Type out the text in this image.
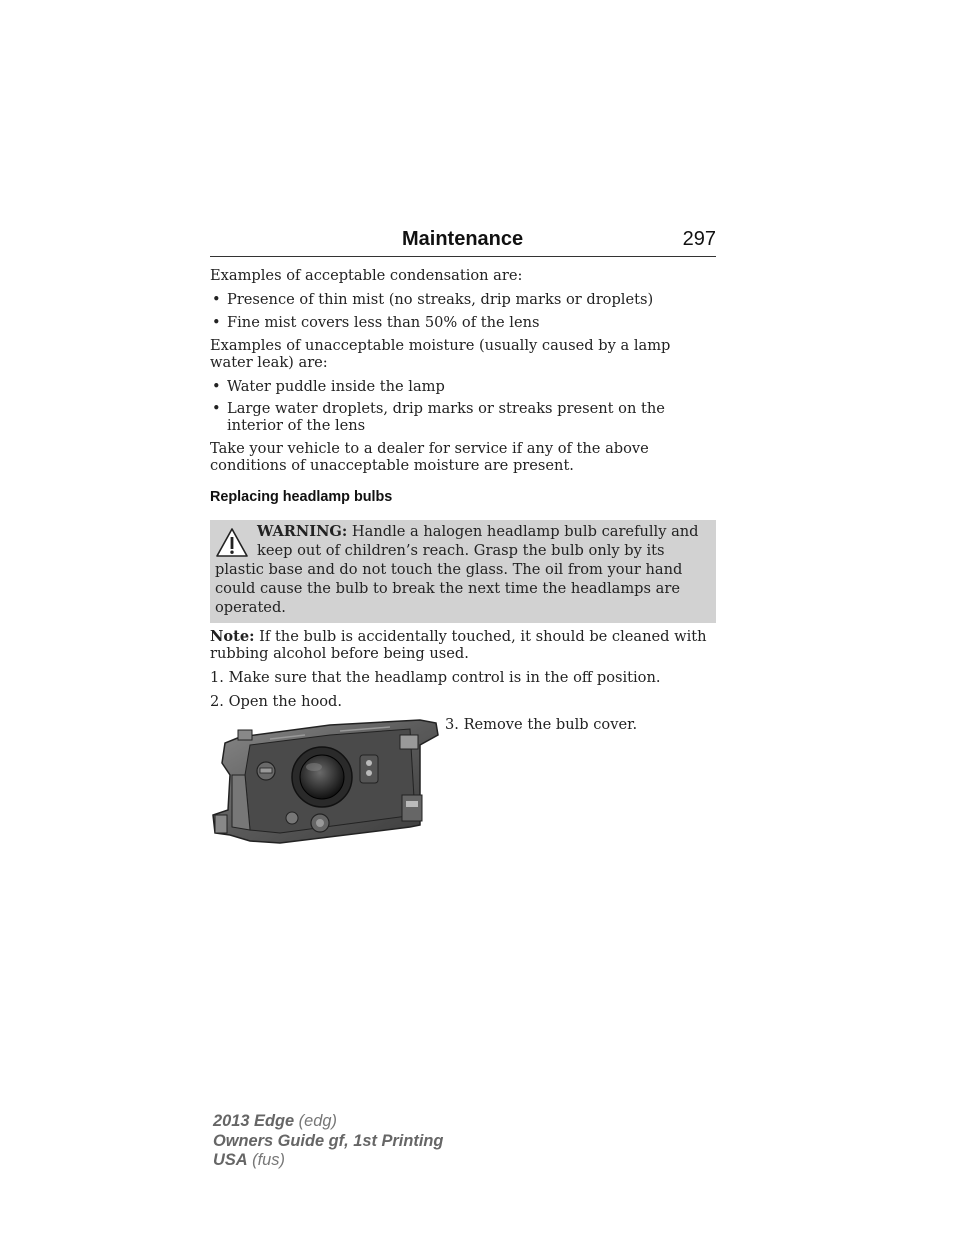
Maintenance	297

Examples of acceptable condensation are:

• Presence of thin mist (no streaks, drip marks or droplets)
• Fine mist covers less than 50% of the lens

Examples of unacceptable moisture (usually caused by a lamp water leak) are:

• Water puddle inside the lamp
• Large water droplets, drip marks or streaks present on the interior of the lens

Take your vehicle to a dealer for service if any of the above conditions of unacceptable moisture are present.

Replacing headlamp bulbs

WARNING: Handle a halogen headlamp bulb carefully and keep out of children’s reach. Grasp the bulb only by its plastic base and do not touch the glass. The oil from your hand could cause the bulb to break the next time the headlamps are operated.

Note: If the bulb is accidentally touched, it should be cleaned with rubbing alcohol before being used.

1. Make sure that the headlamp control is in the off position.

2. Open the hood.

3. Remove the bulb cover.
2013 Edge (edg)
Owners Guide gf, 1st Printing
USA (fus)
